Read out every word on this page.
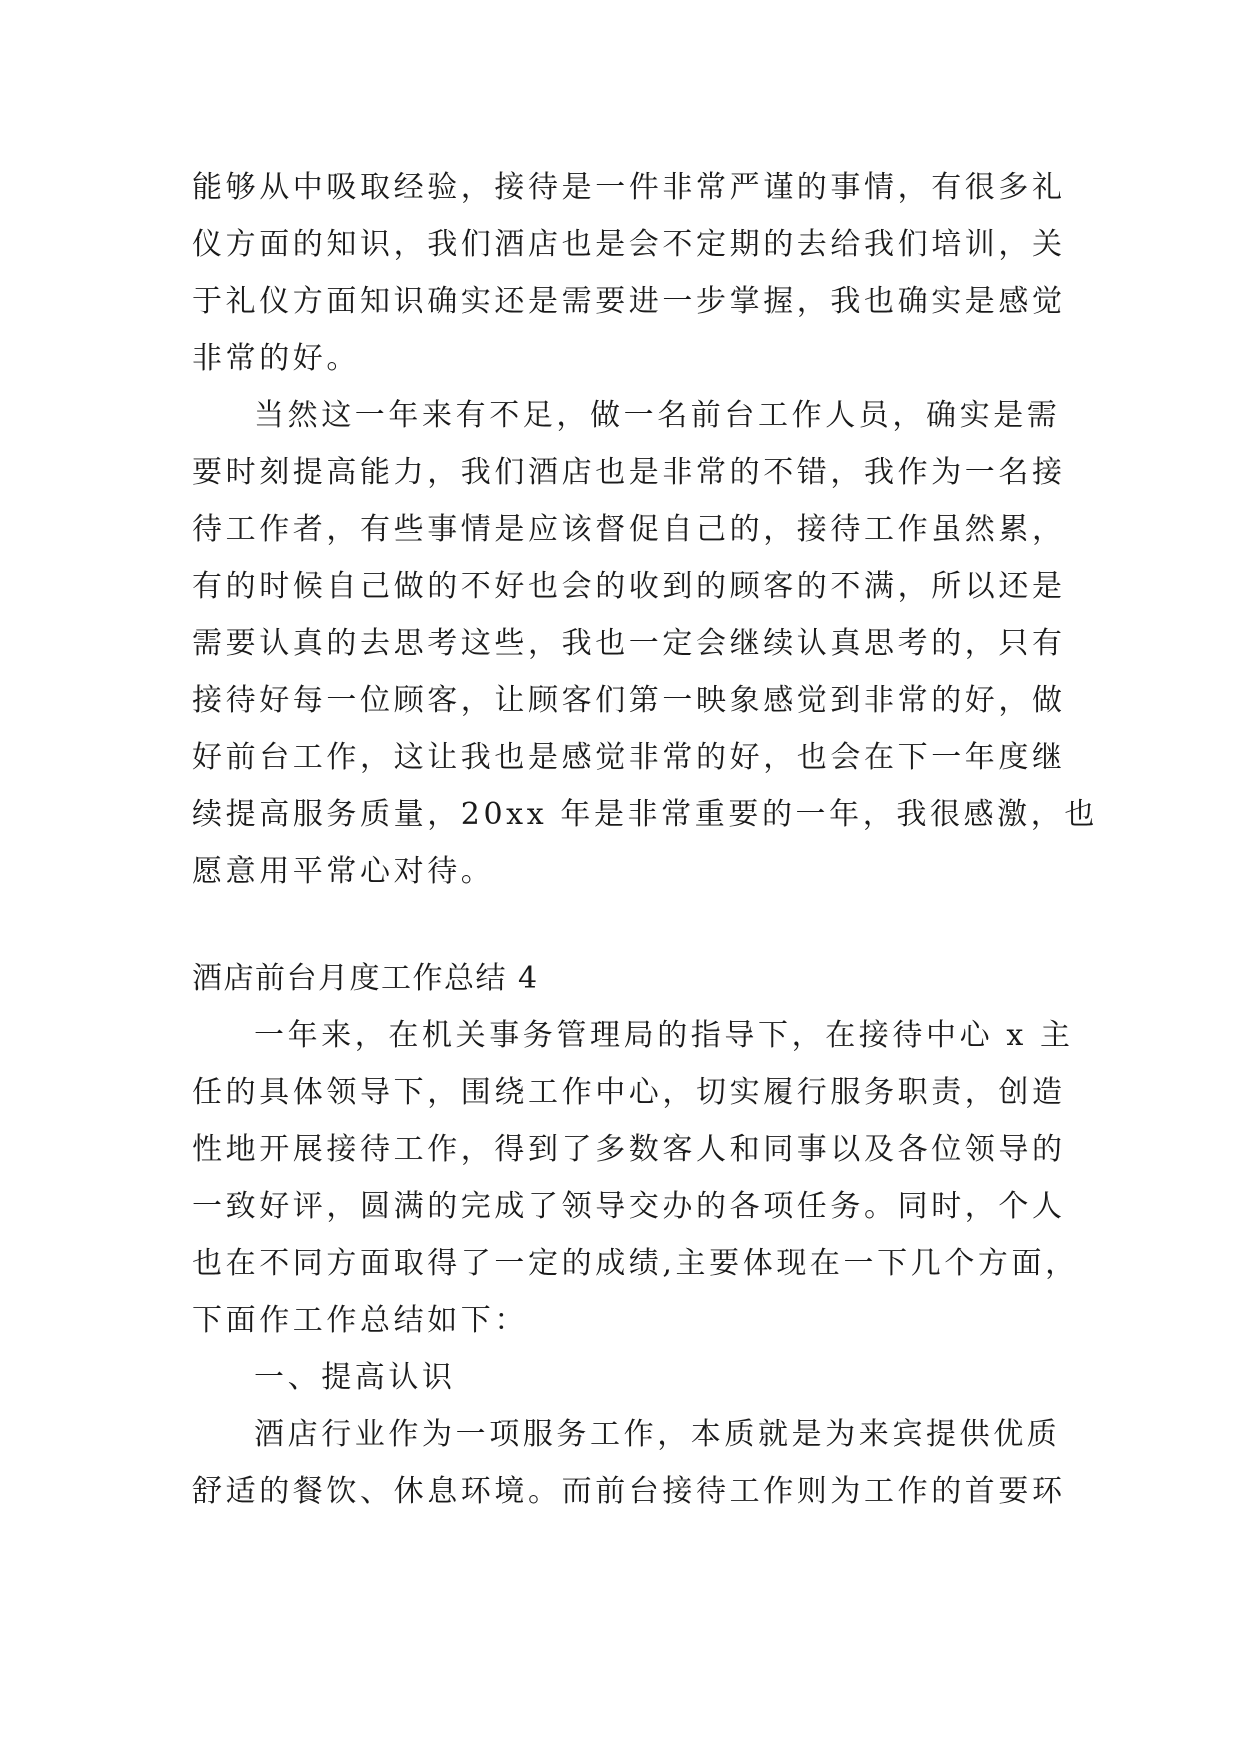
能够从中吸取经验，接待是一件非常严谨的事情，有很多礼
仪方面的知识，我们酒店也是会不定期的去给我们培训，关
于礼仪方面知识确实还是需要进一步掌握，我也确实是感觉
非常的好。
当然这一年来有不足，做一名前台工作人员，确实是需
要时刻提高能力，我们酒店也是非常的不错，我作为一名接
待工作者，有些事情是应该督促自己的，接待工作虽然累，
有的时候自己做的不好也会的收到的顾客的不满，所以还是
需要认真的去思考这些，我也一定会继续认真思考的，只有
接待好每一位顾客，让顾客们第一映象感觉到非常的好，做
好前台工作，这让我也是感觉非常的好，也会在下一年度继
续提高服务质量，20xx 年是非常重要的一年，我很感激，也
愿意用平常心对待。
酒店前台月度工作总结 4
一年来，在机关事务管理局的指导下，在接待中心 x 主
任的具体领导下，围绕工作中心，切实履行服务职责，创造
性地开展接待工作，得到了多数客人和同事以及各位领导的
一致好评，圆满的完成了领导交办的各项任务。同时，个人
也在不同方面取得了一定的成绩,主要体现在一下几个方面，
下面作工作总结如下：
一、提高认识
酒店行业作为一项服务工作，本质就是为来宾提供优质
舒适的餐饮、休息环境。而前台接待工作则为工作的首要环
